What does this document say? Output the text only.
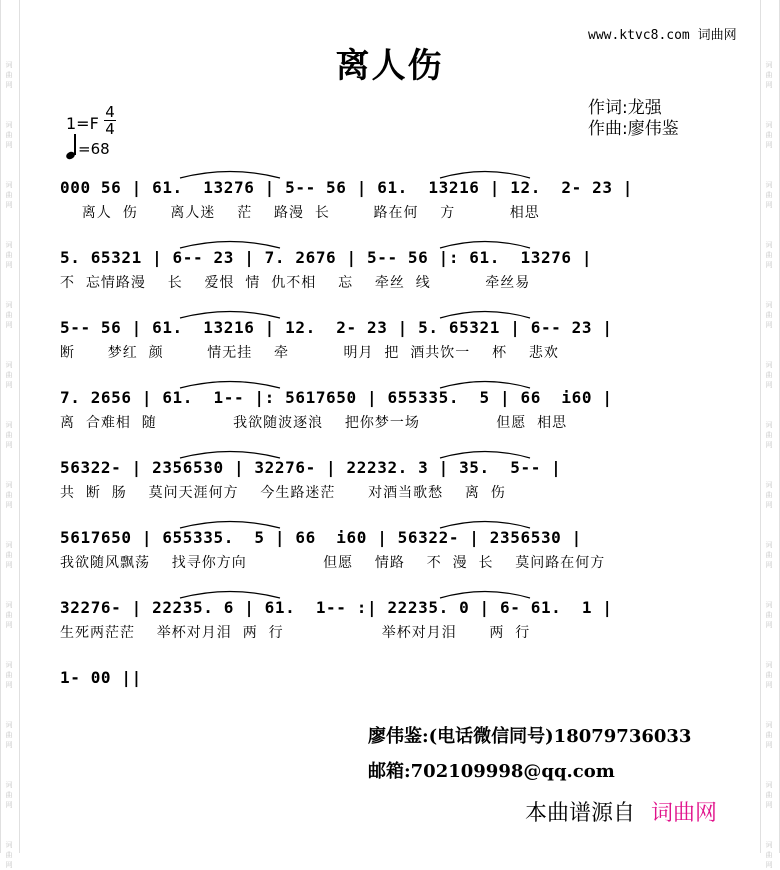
www.ktvc8.com 词曲网
离人伤
作词:龙强
作曲:廖伟鉴
1=F
4
4
=68
000 56 | 61.  13276 | 5-- 56 | 61.  13216 | 12.  2- 23 |
离人  伤      离人迷    茫    路漫  长        路在何    方          相思
5. 65321 | 6-- 23 | 7. 2676 | 5-- 56 |: 61.  13276 |
不  忘情路漫    长    爱恨  情  仇不相    忘    牵丝  线          牵丝易
5-- 56 | 61.  13216 | 12.  2- 23 | 5. 65321 | 6-- 23 |
断      梦红  颜        情无挂    牵          明月  把  酒共饮一    杯    悲欢
7. 2656 | 61.  1-- |: 5617650 | 655335.  5 | 66  i60 |
离  合难相  随              我欲随波逐浪    把你梦一场              但愿  相思
56322- | 2356530 | 32276- | 22232. 3 | 35.  5-- |
共  断  肠    莫问天涯何方    今生路迷茫      对酒当歌愁    离  伤
5617650 | 655335.  5 | 66  i60 | 56322- | 2356530 |
我欲随风飘荡    找寻你方向              但愿    情路    不  漫  长    莫问路在何方
32276- | 22235. 6 | 61.  1-- :| 22235. 0 | 6- 61.  1 |
生死两茫茫    举杯对月泪  两  行                  举杯对月泪      两  行
1- 00 ||
廖伟鉴:(电话微信同号)18079736033
邮箱:702109998@qq.com
本曲谱源自 词曲网
词
曲
网
词
曲
网
词
曲
网
词
曲
网
词
曲
网
词
曲
网
词
曲
网
词
曲
网
词
曲
网
词
曲
网
词
曲
网
词
曲
网
词
曲
网
词
曲
网
词
曲
网
词
曲
网
词
曲
网
词
曲
网
词
曲
网
词
曲
网
词
曲
网
词
曲
网
词
曲
网
词
曲
网
词
曲
网
词
曲
网
词
曲
网
词
曲
网
